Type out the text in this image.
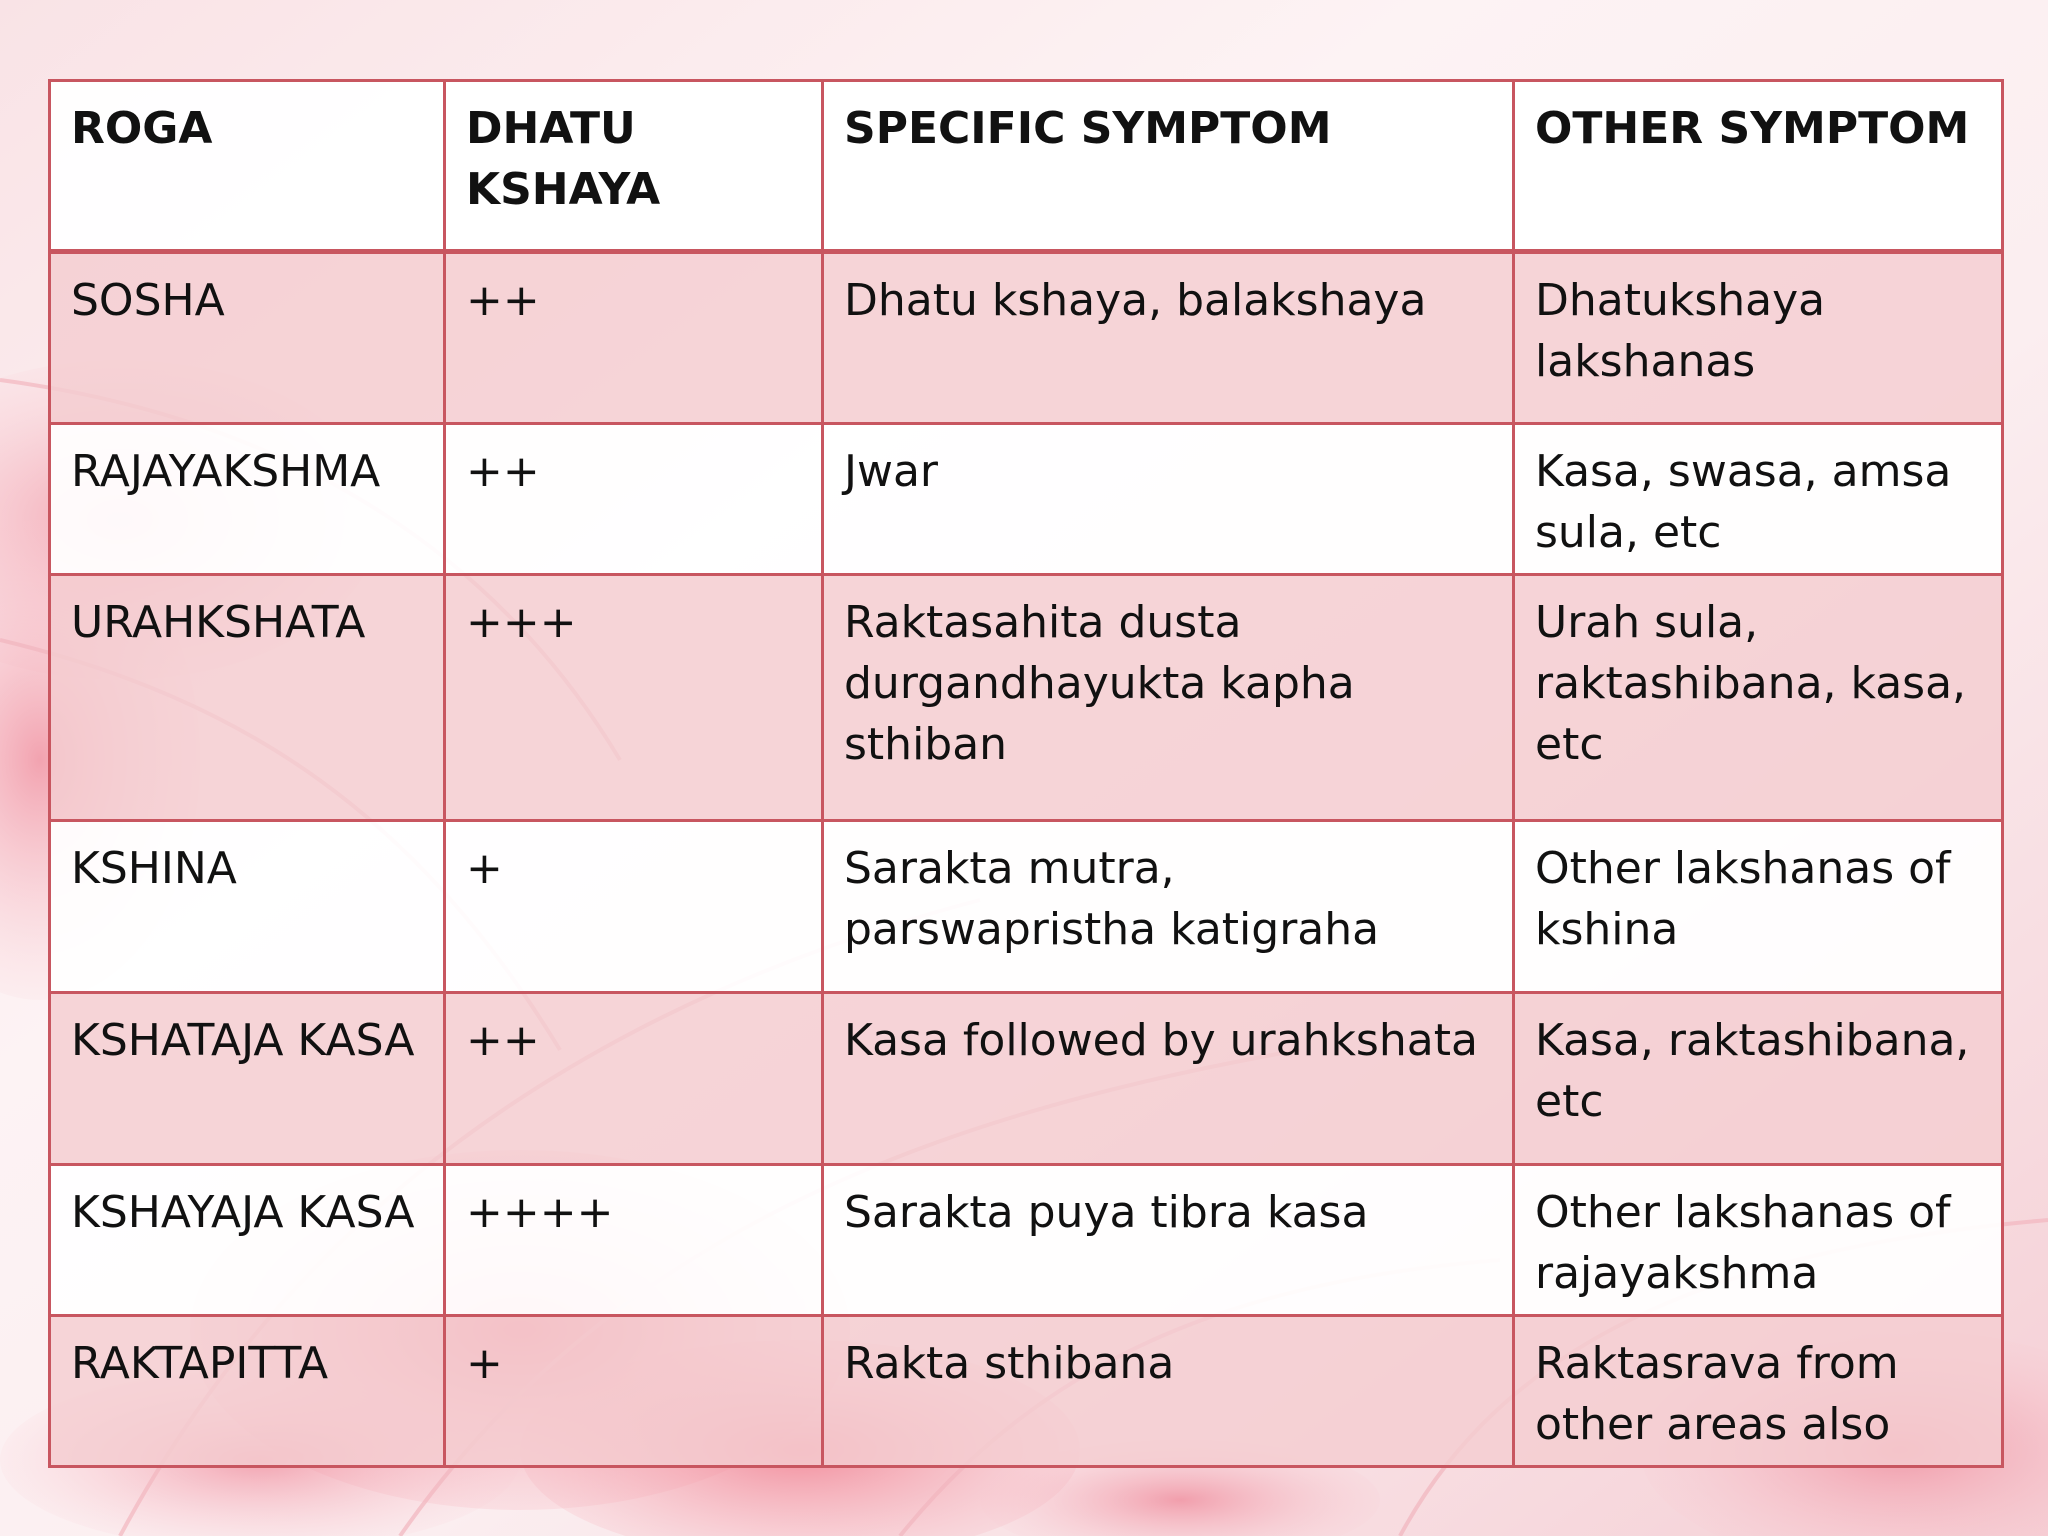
ROGA	DHATU KSHAYA	SPECIFIC SYMPTOM	OTHER SYMPTOM
SOSHA	++	Dhatu kshaya, balakshaya	Dhatukshaya lakshanas
RAJAYAKSHMA	++	Jwar	Kasa, swasa, amsa sula, etc
URAHKSHATA	+++	Raktasahita dusta durgandhayukta kapha sthiban	Urah sula, raktashibana, kasa, etc
KSHINA	+	Sarakta mutra, parswapristha katigraha	Other lakshanas of kshina
KSHATAJA KASA	++	Kasa followed by urahkshata	Kasa, raktashibana, etc
KSHAYAJA KASA	++++	Sarakta puya tibra kasa	Other lakshanas of rajayakshma
RAKTAPITTA	+	Rakta sthibana	Raktasrava from other areas also
